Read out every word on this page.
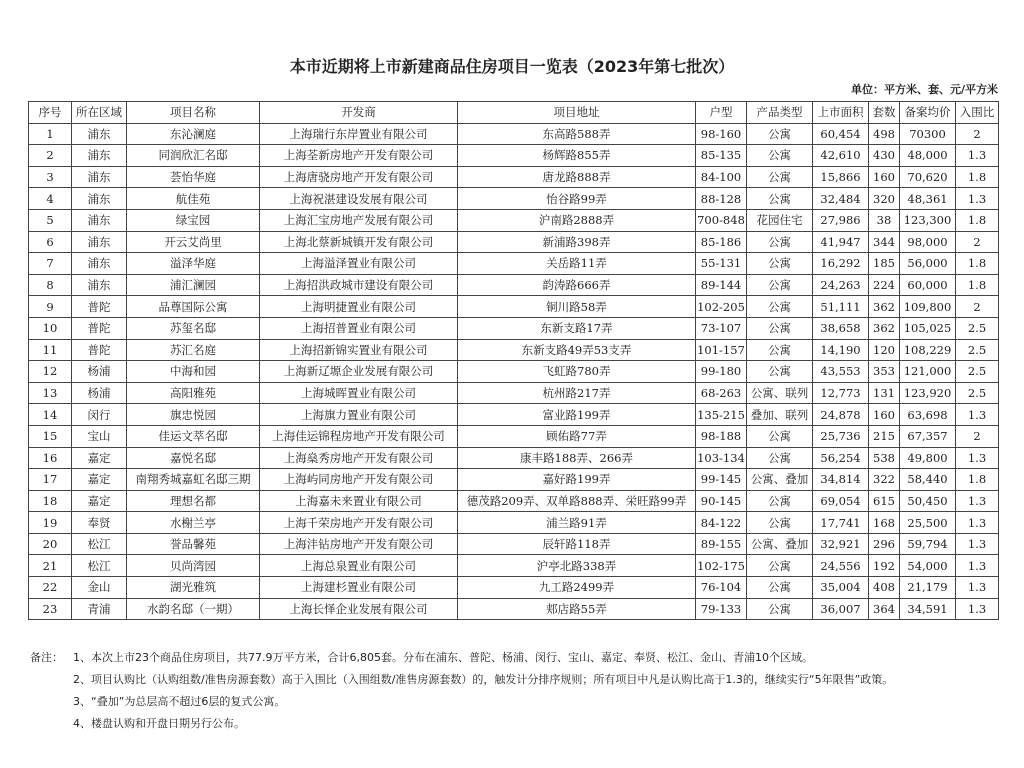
本市近期将上市新建商品住房项目一览表（2023年第七批次）
单位：平方米、套、元/平方米
序号	所在区域	项目名称	开发商	项目地址	户型	产品类型	上市面积	套数	备案均价	入围比
1	浦东	东沁澜庭	上海瑞行东岸置业有限公司	东高路588弄	98-160	公寓	60,454	498	70300	2
2	浦东	同润欣汇名邸	上海荃新房地产开发有限公司	杨辉路855弄	85-135	公寓	42,610	430	48,000	1.3
3	浦东	荟怡华庭	上海唐骁房地产开发有限公司	唐龙路888弄	84-100	公寓	15,866	160	70,620	1.8
4	浦东	航佳苑	上海祝湛建设发展有限公司	怡谷路99弄	88-128	公寓	32,484	320	48,361	1.3
5	浦东	绿宝园	上海汇宝房地产发展有限公司	沪南路2888弄	700-848	花园住宅	27,986	38	123,300	1.8
6	浦东	开云艾尚里	上海北蔡新城镇开发有限公司	新浦路398弄	85-186	公寓	41,947	344	98,000	2
7	浦东	溢泽华庭	上海溢泽置业有限公司	关岳路11弄	55-131	公寓	16,292	185	56,000	1.8
8	浦东	浦汇澜园	上海招洪政城市建设有限公司	韵涛路666弄	89-144	公寓	24,263	224	60,000	1.8
9	普陀	品尊国际公寓	上海明捷置业有限公司	铜川路58弄	102-205	公寓	51,111	362	109,800	2
10	普陀	苏玺名邸	上海招普置业有限公司	东新支路17弄	73-107	公寓	38,658	362	105,025	2.5
11	普陀	苏汇名庭	上海招新锦实置业有限公司	东新支路49弄53支弄	101-157	公寓	14,190	120	108,229	2.5
12	杨浦	中海和园	上海新辽塬企业发展有限公司	飞虹路780弄	99-180	公寓	43,553	353	121,000	2.5
13	杨浦	高阳雅苑	上海城晖置业有限公司	杭州路217弄	68-263	公寓、联列	12,773	131	123,920	2.5
14	闵行	旗忠悦园	上海旗力置业有限公司	富业路199弄	135-215	叠加、联列	24,878	160	63,698	1.3
15	宝山	佳运文萃名邸	上海佳运锦程房地产开发有限公司	顾佑路77弄	98-188	公寓	25,736	215	67,357	2
16	嘉定	嘉悦名邸	上海燊秀房地产开发有限公司	康丰路188弄、266弄	103-134	公寓	56,254	538	49,800	1.3
17	嘉定	南翔秀城嘉虹名邸三期	上海屿同房地产开发有限公司	嘉好路199弄	99-145	公寓、叠加	34,814	322	58,440	1.8
18	嘉定	理想名都	上海嘉未来置业有限公司	德茂路209弄、双单路888弄、栄旺路99弄	90-145	公寓	69,054	615	50,450	1.3
19	奉贤	水榭兰亭	上海千荣房地产开发有限公司	浦兰路91弄	84-122	公寓	17,741	168	25,500	1.3
20	松江	誉品馨苑	上海沣钻房地产开发有限公司	辰轩路118弄	89-155	公寓、叠加	32,921	296	59,794	1.3
21	松江	贝尚湾园	上海总泉置业有限公司	沪亭北路338弄	102-175	公寓	24,556	192	54,000	1.3
22	金山	湖光雅筑	上海建杉置业有限公司	九工路2499弄	76-104	公寓	35,004	408	21,179	1.3
23	青浦	水韵名邸（一期）	上海长怿企业发展有限公司	郏店路55弄	79-133	公寓	36,007	364	34,591	1.3
备注： 1、本次上市23个商品住房项目，共77.9万平方米，合计6,805套。分布在浦东、普陀、杨浦、闵行、宝山、嘉定、奉贤、松江、金山、青浦10个区域。
2、项目认购比（认购组数/准售房源套数）高于入围比（入围组数/准售房源套数）的，触发计分排序规则；所有项目中凡是认购比高于1.3的，继续实行“5年限售”政策。
3、“叠加”为总层高不超过6层的复式公寓。
4、楼盘认购和开盘日期另行公布。
